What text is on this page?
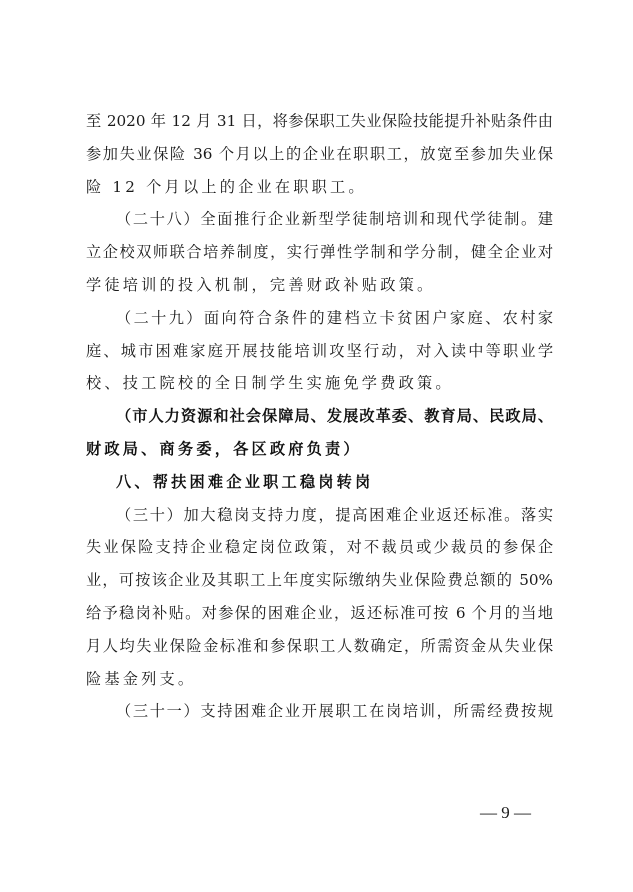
至 2020 年 12 月 31 日，将参保职工失业保险技能提升补贴条件由
参加失业保险 36 个月以上的企业在职职工，放宽至参加失业保
险 12 个月以上的企业在职职工。
（二十八）全面推行企业新型学徒制培训和现代学徒制。建
立企校双师联合培养制度，实行弹性学制和学分制，健全企业对
学徒培训的投入机制，完善财政补贴政策。
（二十九）面向符合条件的建档立卡贫困户家庭、农村家
庭、城市困难家庭开展技能培训攻坚行动，对入读中等职业学
校、技工院校的全日制学生实施免学费政策。
（市人力资源和社会保障局、发展改革委、教育局、民政局、
财政局、商务委，各区政府负责）
八、帮扶困难企业职工稳岗转岗
（三十）加大稳岗支持力度，提高困难企业返还标准。落实
失业保险支持企业稳定岗位政策，对不裁员或少裁员的参保企
业，可按该企业及其职工上年度实际缴纳失业保险费总额的 50%
给予稳岗补贴。对参保的困难企业，返还标准可按 6 个月的当地
月人均失业保险金标准和参保职工人数确定，所需资金从失业保
险基金列支。
（三十一）支持困难企业开展职工在岗培训，所需经费按规
— 9 —
